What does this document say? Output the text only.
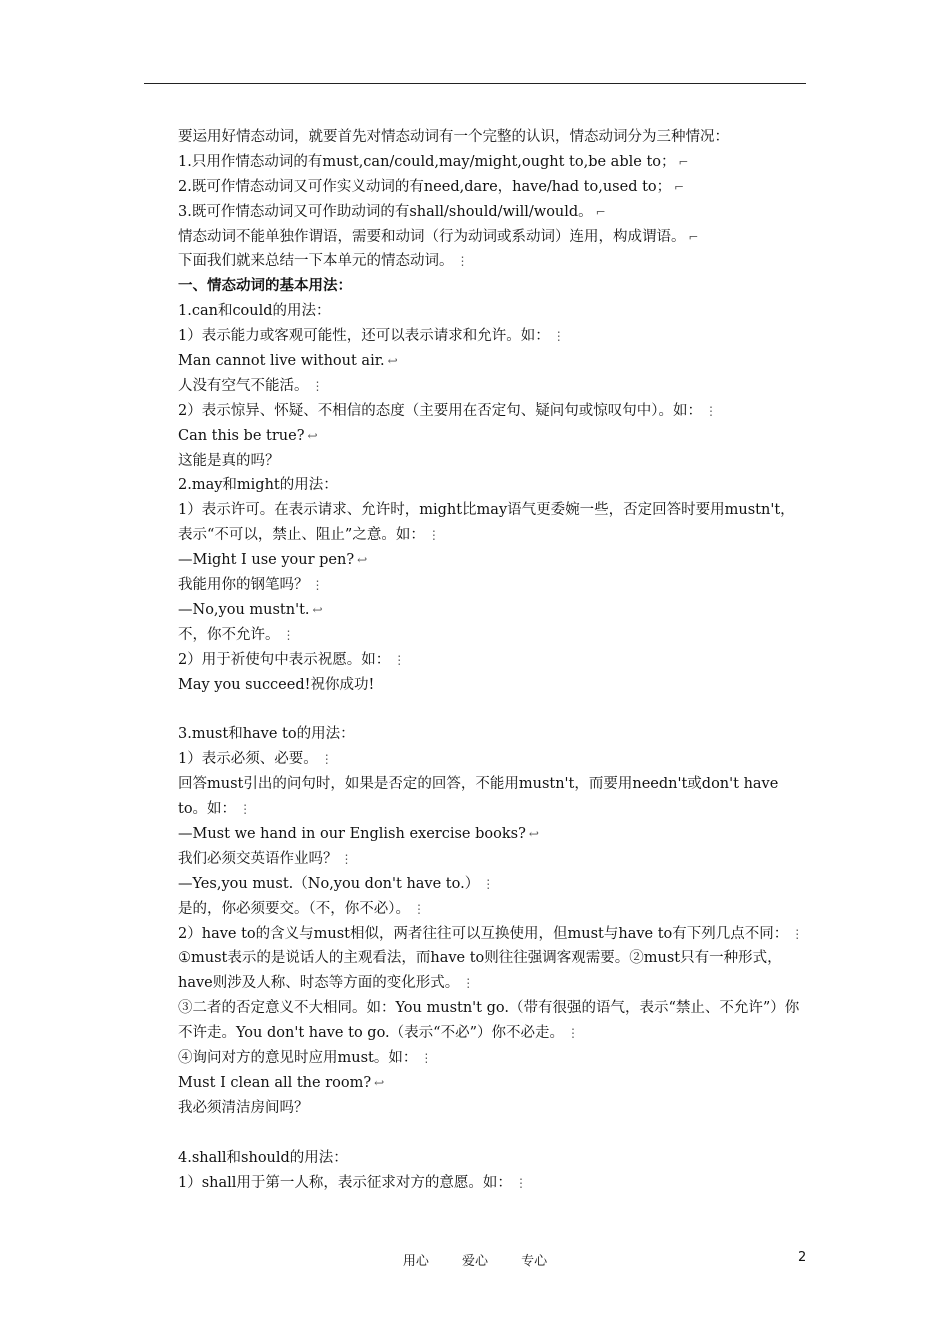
要运用好情态动词，就要首先对情态动词有一个完整的认识，情态动词分为三种情况：
1.只用作情态动词的有must,can/could,may/might,ought to,be able to； ⌐
2.既可作情态动词又可作实义动词的有need,dare，have/had to,used to； ⌐
3.既可作情态动词又可作助动词的有shall/should/will/would。 ⌐
情态动词不能单独作谓语，需要和动词（行为动词或系动词）连用，构成谓语。 ⌐
下面我们就来总结一下本单元的情态动词。 ⋮
一、情态动词的基本用法：
1.can和could的用法：
1）表示能力或客观可能性，还可以表示请求和允许。如： ⋮
Man cannot live without air. ↩
人没有空气不能活。 ⋮
2）表示惊异、怀疑、不相信的态度（主要用在否定句、疑问句或惊叹句中）。如： ⋮
Can this be true? ↩
这能是真的吗？
2.may和might的用法：
1）表示许可。在表示请求、允许时，might比may语气更委婉一些，否定回答时要用mustn't，表示“不可以，禁止、阻止”之意。如： ⋮
—Might I use your pen? ↩
我能用你的钢笔吗？ ⋮
—No,you mustn't. ↩
不，你不允许。 ⋮
2）用于祈使句中表示祝愿。如： ⋮
May you succeed!祝你成功!
3.must和have to的用法：
1）表示必须、必要。 ⋮
回答must引出的问句时，如果是否定的回答，不能用mustn't，而要用needn't或don't have to。如： ⋮
—Must we hand in our English exercise books? ↩
我们必须交英语作业吗？ ⋮
—Yes,you must.（No,you don't have to.） ⋮
是的，你必须要交。（不，你不必）。 ⋮
2）have to的含义与must相似，两者往往可以互换使用，但must与have to有下列几点不同： ⋮
①must表示的是说话人的主观看法，而have to则往往强调客观需要。②must只有一种形式，have则涉及人称、时态等方面的变化形式。 ⋮
③二者的否定意义不大相同。如：You mustn't go.（带有很强的语气，表示“禁止、不允许”）你不许走。You don't have to go.（表示“不必”）你不必走。 ⋮
④询问对方的意见时应用must。如： ⋮
Must I clean all the room? ↩
我必须清洁房间吗？
4.shall和should的用法：
1）shall用于第一人称，表示征求对方的意愿。如： ⋮
用心	爱心	专心	2
